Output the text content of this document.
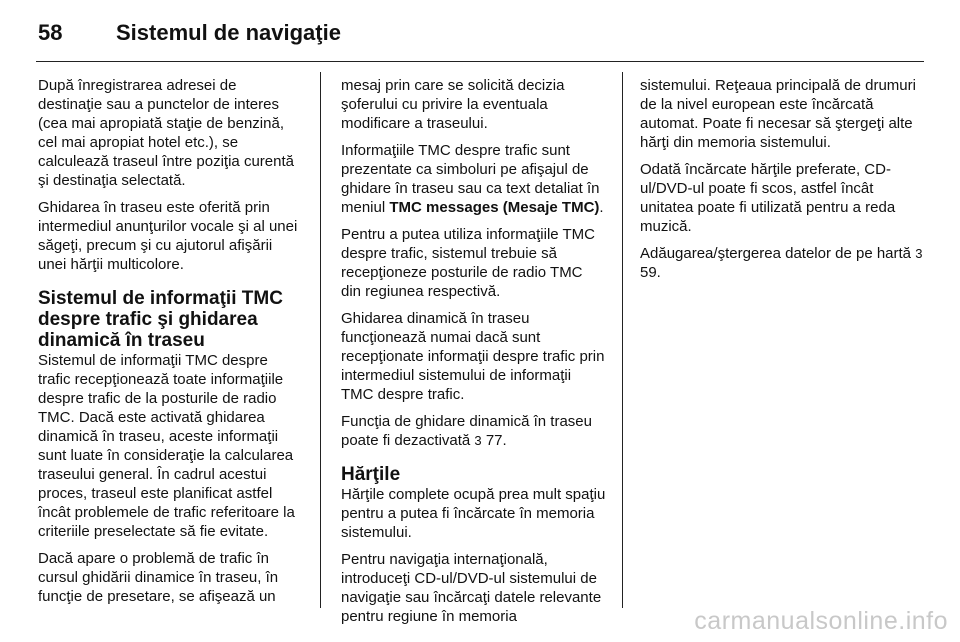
58	Sistemul de navigaţie

După înregistrarea adresei de destinaţie sau a punctelor de interes (cea mai apropiată staţie de benzină, cel mai apropiat hotel etc.), se calculează traseul între poziţia curentă şi destinaţia selectată.

Ghidarea în traseu este oferită prin intermediul anunţurilor vocale şi al unei săgeţi, precum şi cu ajutorul afişării unei hărţii multicolore.

Sistemul de informaţii TMC despre trafic şi ghidarea dinamică în traseu

Sistemul de informaţii TMC despre trafic recepţionează toate informaţiile despre trafic de la posturile de radio TMC. Dacă este activată ghidarea dinamică în traseu, aceste informaţii sunt luate în consideraţie la calcularea traseului general. În cadrul acestui proces, traseul este planificat astfel încât problemele de trafic referitoare la criteriile preselectate să fie evitate.

Dacă apare o problemă de trafic în cursul ghidării dinamice în traseu, în funcţie de presetare, se afişează un

mesaj prin care se solicită decizia şoferului cu privire la eventuala modificare a traseului.

Informaţiile TMC despre trafic sunt prezentate ca simboluri pe afişajul de ghidare în traseu sau ca text detaliat în meniul TMC messages (Mesaje TMC).

Pentru a putea utiliza informaţiile TMC despre trafic, sistemul trebuie să recepţioneze posturile de radio TMC din regiunea respectivă.

Ghidarea dinamică în traseu funcţionează numai dacă sunt recepţionate informaţii despre trafic prin intermediul sistemului de informaţii TMC despre trafic.

Funcţia de ghidare dinamică în traseu poate fi dezactivată 3 77.

Hărţile

Hărţile complete ocupă prea mult spaţiu pentru a putea fi încărcate în memoria sistemului.

Pentru navigaţia internaţională, introduceţi CD-ul/DVD-ul sistemului de navigaţie sau încărcaţi datele relevante pentru regiune în memoria

sistemului. Reţeaua principală de drumuri de la nivel european este încărcată automat. Poate fi necesar să ştergeţi alte hărţi din memoria sistemului.

Odată încărcate hărţile preferate, CD-ul/DVD-ul poate fi scos, astfel încât unitatea poate fi utilizată pentru a reda muzică.

Adăugarea/ştergerea datelor de pe hartă 3 59.

carmanualsonline.info
